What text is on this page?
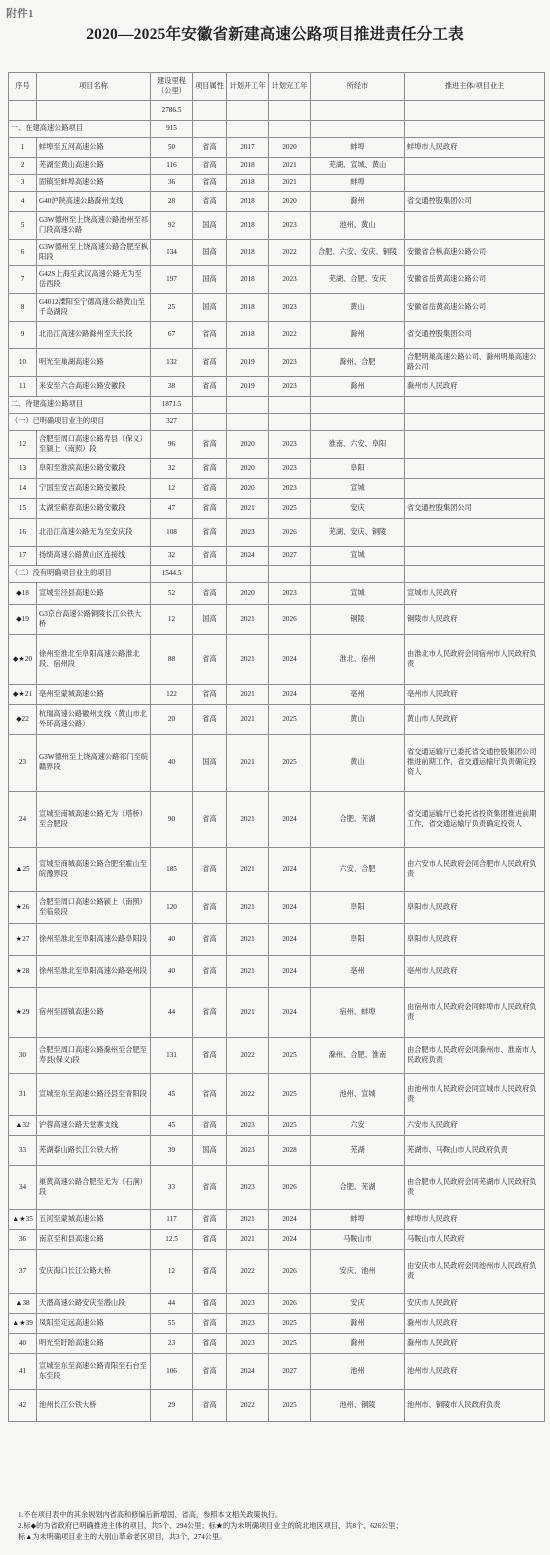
附件1
2020—2025年安徽省新建高速公路项目推进责任分工表
序号	项目名称	建设里程（公里）	项目属性	计划开工年	计划完工年	所经市	推进主体/项目业主
		2786.5					
一、在建高速公路项目		915					
1	蚌埠至五河高速公路	50	省高	2017	2020	蚌埠	蚌埠市人民政府
2	芜湖至黄山高速公路	116	省高	2018	2021	芜湖、宣城、黄山	
3	固镇至蚌埠高速公路	36	省高	2018	2021	蚌埠	
4	G40沪陕高速公路滁州支线	28	省高	2018	2020	滁州	省交通控股集团公司
5	G3W德州至上饶高速公路池州至祁门段高速公路	92	国高	2018	2023	池州、黄山	
6	G3W德州至上饶高速公路合肥至枞阳段	134	国高	2018	2022	合肥、六安、安庆、铜陵	安徽省合枞高速公路公司
7	G42S上海至武汉高速公路无为至岳西段	197	国高	2018	2023	芜湖、合肥、安庆	安徽省岳黄高速公路公司
8	G4012溧阳至宁德高速公路黄山至千岛湖段	25	国高	2018	2023	黄山	安徽省岳黄高速公路公司
9	北沿江高速公路滁州至天长段	67	省高	2018	2022	滁州	省交通控股集团公司
10	明光至巢湖高速公路	132	省高	2019	2023	滁州、合肥	合肥明巢高速公路公司、滁州明巢高速公路公司
11	来安至六合高速公路安徽段	38	省高	2019	2023	滁州	滁州市人民政府
二、待建高速公路项目		1871.5					
（一）已明确项目业主的项目		327					
12	合肥至周口高速公路寿县（保义）至颍上（南照）段	96	省高	2020	2023	淮南、六安、阜阳	
13	阜阳至淮滨高速公路安徽段	32	省高	2020	2023	阜阳	
14	宁国至安吉高速公路安徽段	12	省高	2020	2023	宣城	
15	太湖至蕲春高速公路安徽段	47	省高	2021	2025	安庆	省交通控股集团公司
16	北沿江高速公路无为至安庆段	108	省高	2023	2026	芜湖、安庆、铜陵	
17	扬绩高速公路黄山区连接线	32	省高	2024	2027	宣城	
（二）没有明确项目业主的项目		1544.5					
◆18	宣城至泾县高速公路	52	省高	2020	2023	宣城	宣城市人民政府
◆19	G3京台高速公路铜陵长江公铁大桥	12	国高	2021	2026	铜陵	铜陵市人民政府
◆★20	徐州至淮北至阜阳高速公路淮北段、宿州段	88	省高	2021	2024	淮北、宿州	由淮北市人民政府会同宿州市人民政府负责
◆★21	亳州至蒙城高速公路	122	省高	2021	2024	亳州	亳州市人民政府
◆22	杭瑞高速公路徽州支线（黄山市北外环高速公路）	20	省高	2021	2025	黄山	黄山市人民政府
23	G3W德州至上饶高速公路祁门至皖赣界段	40	国高	2021	2025	黄山	省交通运输厅已委托省交通控股集团公司推进前期工作，省交通运输厅负责确定投资人
24	宣城至南城高速公路无为（塔桥）至合肥段	90	省高	2021	2024	合肥、芜湖	省交通运输厅已委托省投资集团推进前期工作，省交通运输厅负责确定投资人
▲25	宣城至商城高速公路合肥至霍山至皖豫界段	185	省高	2021	2024	六安、合肥	由六安市人民政府会同合肥市人民政府负责
★26	合肥至周口高速公路颍上（南照）至临泉段	120	省高	2021	2024	阜阳	阜阳市人民政府
★27	徐州至淮北至阜阳高速公路阜阳段	40	省高	2021	2024	阜阳	阜阳市人民政府
★28	徐州至淮北至阜阳高速公路亳州段	40	省高	2021	2024	亳州	亳州市人民政府
★29	宿州至固镇高速公路	44	省高	2021	2024	宿州、蚌埠	由宿州市人民政府会同蚌埠市人民政府负责
30	合肥至周口高速公路滁州至合肥至寿县(保义)段	131	省高	2022	2025	滁州、合肥、淮南	由合肥市人民政府会同滁州市、淮南市人民政府负责
31	宣城至东至高速公路泾县至青阳段	45	省高	2022	2025	池州、宣城	由池州市人民政府会同宣城市人民政府负责
▲32	沪蓉高速公路天堂寨支线	45	省高	2023	2025	六安	六安市人民政府
33	芜湖泰山路长江公铁大桥	39	国高	2023	2028	芜湖	芜湖市、马鞍山市人民政府负责
34	巢黄高速公路合肥至无为（石涧）段	33	省高	2023	2026	合肥、芜湖	由合肥市人民政府会同芜湖市人民政府负责
▲★35	五河至蒙城高速公路	117	省高	2021	2024	蚌埠	蚌埠市人民政府
36	南京至和县高速公路	12.5	省高	2021	2024	马鞍山市	马鞍山市人民政府
37	安庆海口长江公路大桥	12	省高	2022	2026	安庆、池州	由安庆市人民政府会同池州市人民政府负责
▲38	天潜高速公路安庆至潜山段	44	省高	2023	2026	安庆	安庆市人民政府
▲★39	凤阳至定远高速公路	55	省高	2023	2025	滁州	滁州市人民政府
40	明光至盱眙高速公路	23	省高	2023	2025	滁州	滁州市人民政府
41	宣城至东至高速公路青阳至石台至东至段	106	省高	2024	2027	池州	池州市人民政府
42	池州长江公铁大桥	29	省高	2022	2025	池州、铜陵	池州市、铜陵市人民政府负责
1.不在项目表中的其余规划内省高和修编后新增国、省高，参照本文相关政策执行。
2.标◆的为省政府已明确推进主体的项目，共5个、294公里；标★的为未明确项目业主的皖北地区项目，共8个、626公里；
标▲为未明确项目业主的大别山革命老区项目，共3个、274公里。
